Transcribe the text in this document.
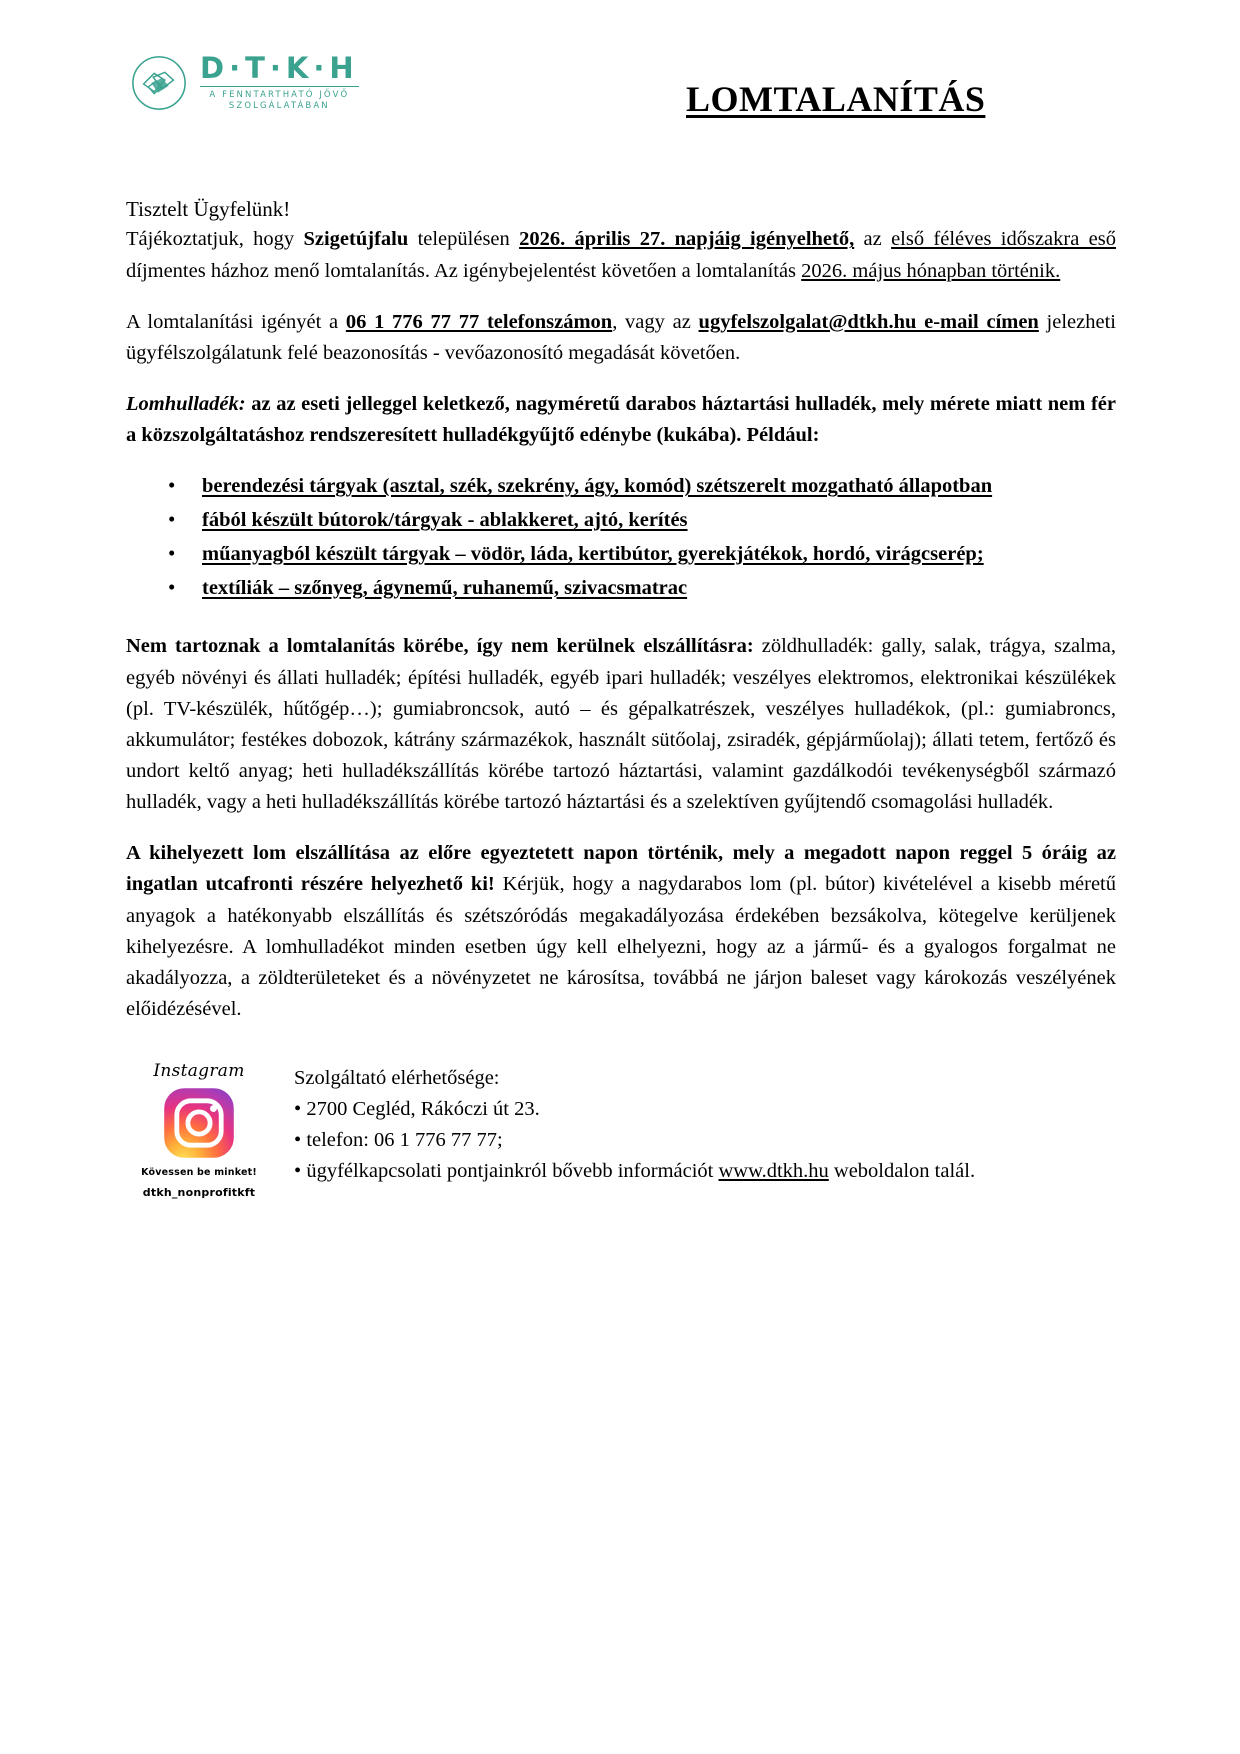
D·T·K·H
A FENNTARTHATÓ JÖVŐ
SZOLGÁLATÁBAN	LOMTALANÍTÁS
Tisztelt Ügyfelünk!

Tájékoztatjuk, hogy Szigetújfalu településen 2026. április 27. napjáig igényelhető, az első féléves időszakra eső díjmentes házhoz menő lomtalanítás. Az igénybejelentést követően a lomtalanítás 2026. május hónapban történik.

A lomtalanítási igényét a 06 1 776 77 77 telefonszámon, vagy az ugyfelszolgalat@dtkh.hu e-mail címen jelezheti ügyfélszolgálatunk felé beazonosítás - vevőazonosító megadását követően.

Lomhulladék: az az eseti jelleggel keletkező, nagyméretű darabos háztartási hulladék, mely mérete miatt nem fér a közszolgáltatáshoz rendszeresített hulladékgyűjtő edénybe (kukába). Például:

• berendezési tárgyak (asztal, szék, szekrény, ágy, komód) szétszerelt mozgatható állapotban
• fából készült bútorok/tárgyak - ablakkeret, ajtó, kerítés
• műanyagból készült tárgyak – vödör, láda, kertibútor, gyerekjátékok, hordó, virágcserép;
• textíliák – szőnyeg, ágynemű, ruhanemű, szivacsmatrac

Nem tartoznak a lomtalanítás körébe, így nem kerülnek elszállításra: zöldhulladék: gally, salak, trágya, szalma, egyéb növényi és állati hulladék; építési hulladék, egyéb ipari hulladék; veszélyes elektromos, elektronikai készülékek (pl. TV-készülék, hűtőgép…); gumiabroncsok, autó – és gépalkatrészek, veszélyes hulladékok, (pl.: gumiabroncs, akkumulátor; festékes dobozok, kátrány származékok, használt sütőolaj, zsiradék, gépjárműolaj); állati tetem, fertőző és undort keltő anyag; heti hulladékszállítás körébe tartozó háztartási, valamint gazdálkodói tevékenységből származó hulladék, vagy a heti hulladékszállítás körébe tartozó háztartási és a szelektíven gyűjtendő csomagolási hulladék.

A kihelyezett lom elszállítása az előre egyeztetett napon történik, mely a megadott napon reggel 5 óráig az ingatlan utcafronti részére helyezhető ki! Kérjük, hogy a nagydarabos lom (pl. bútor) kivételével a kisebb méretű anyagok a hatékonyabb elszállítás és szétszóródás megakadályozása érdekében bezsákolva, kötegelve kerüljenek kihelyezésre. A lomhulladékot minden esetben úgy kell elhelyezni, hogy az a jármű- és a gyalogos forgalmat ne akadályozza, a zöldterületeket és a növényzetet ne károsítsa, továbbá ne járjon baleset vagy károkozás veszélyének előidézésével.

Instagram
Kövessen be minket!
dtkh_nonprofitkft
Szolgáltató elérhetősége:
• 2700 Cegléd, Rákóczi út 23.
• telefon: 06 1 776 77 77;
• ügyfélkapcsolati pontjainkról bővebb információt www.dtkh.hu weboldalon talál.
